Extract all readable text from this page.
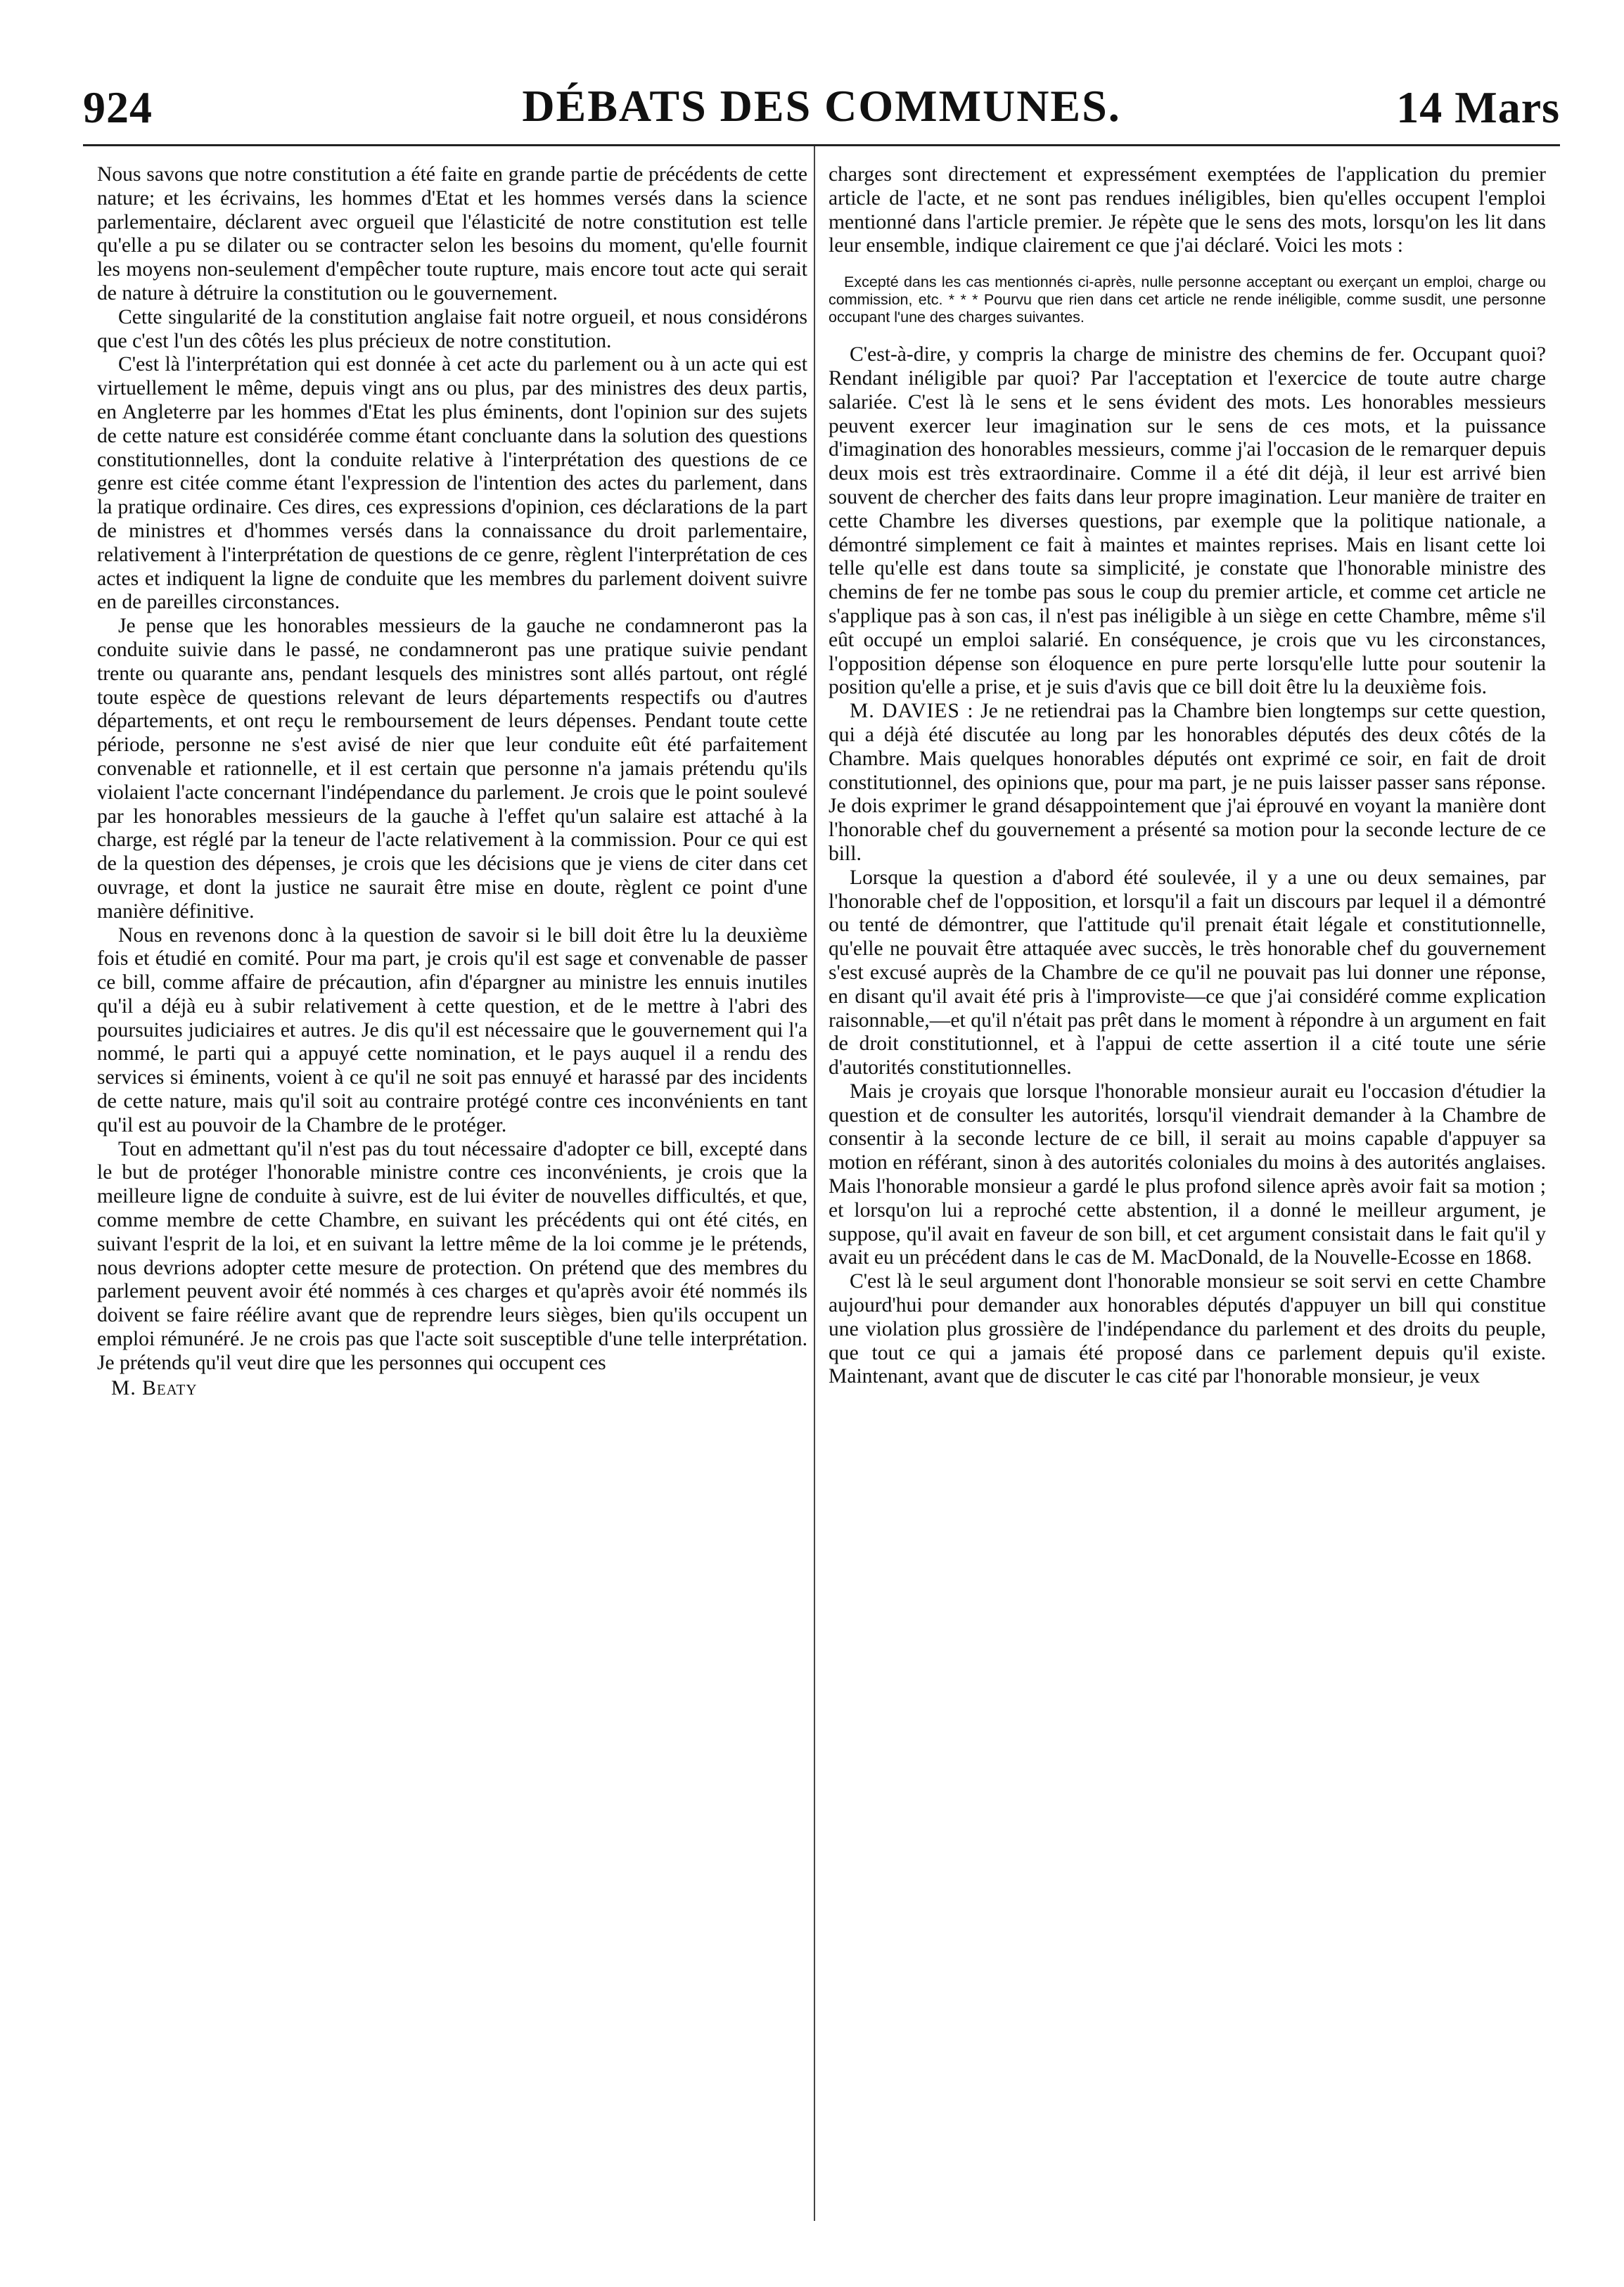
924	DÉBATS DES COMMUNES.	14 Mars

Nous savons que notre constitution a été faite en grande partie de précédents de cette nature; et les écrivains, les hommes d'Etat et les hommes versés dans la science parlementaire, déclarent avec orgueil que l'élasticité de notre constitution est telle qu'elle a pu se dilater ou se contracter selon les besoins du moment, qu'elle fournit les moyens non-seulement d'empêcher toute rupture, mais encore tout acte qui serait de nature à détruire la constitution ou le gouvernement.

Cette singularité de la constitution anglaise fait notre orgueil, et nous considérons que c'est l'un des côtés les plus précieux de notre constitution.

C'est là l'interprétation qui est donnée à cet acte du parlement ou à un acte qui est virtuellement le même, depuis vingt ans ou plus, par des ministres des deux partis, en Angleterre par les hommes d'Etat les plus éminents, dont l'opinion sur des sujets de cette nature est considérée comme étant concluante dans la solution des questions constitutionnelles, dont la conduite relative à l'interprétation des questions de ce genre est citée comme étant l'expression de l'intention des actes du parlement, dans la pratique ordinaire. Ces dires, ces expressions d'opinion, ces déclarations de la part de ministres et d'hommes versés dans la connaissance du droit parlementaire, relativement à l'interprétation de questions de ce genre, règlent l'interprétation de ces actes et indiquent la ligne de conduite que les membres du parlement doivent suivre en de pareilles circonstances.

Je pense que les honorables messieurs de la gauche ne condamneront pas la conduite suivie dans le passé, ne condamneront pas une pratique suivie pendant trente ou quarante ans, pendant lesquels des ministres sont allés partout, ont réglé toute espèce de questions relevant de leurs départements respectifs ou d'autres départements, et ont reçu le remboursement de leurs dépenses. Pendant toute cette période, personne ne s'est avisé de nier que leur conduite eût été parfaitement convenable et rationnelle, et il est certain que personne n'a jamais prétendu qu'ils violaient l'acte concernant l'indépendance du parlement. Je crois que le point soulevé par les honorables messieurs de la gauche à l'effet qu'un salaire est attaché à la charge, est réglé par la teneur de l'acte relativement à la commission. Pour ce qui est de la question des dépenses, je crois que les décisions que je viens de citer dans cet ouvrage, et dont la justice ne saurait être mise en doute, règlent ce point d'une manière définitive.

Nous en revenons donc à la question de savoir si le bill doit être lu la deuxième fois et étudié en comité. Pour ma part, je crois qu'il est sage et convenable de passer ce bill, comme affaire de précaution, afin d'épargner au ministre les ennuis inutiles qu'il a déjà eu à subir relativement à cette question, et de le mettre à l'abri des poursuites judiciaires et autres. Je dis qu'il est nécessaire que le gouvernement qui l'a nommé, le parti qui a appuyé cette nomination, et le pays auquel il a rendu des services si éminents, voient à ce qu'il ne soit pas ennuyé et harassé par des incidents de cette nature, mais qu'il soit au contraire protégé contre ces inconvénients en tant qu'il est au pouvoir de la Chambre de le protéger.

Tout en admettant qu'il n'est pas du tout nécessaire d'adopter ce bill, excepté dans le but de protéger l'honorable ministre contre ces inconvénients, je crois que la meilleure ligne de conduite à suivre, est de lui éviter de nouvelles difficultés, et que, comme membre de cette Chambre, en suivant les précédents qui ont été cités, en suivant l'esprit de la loi, et en suivant la lettre même de la loi comme je le prétends, nous devrions adopter cette mesure de protection. On prétend que des membres du parlement peuvent avoir été nommés à ces charges et qu'après avoir été nommés ils doivent se faire réélire avant que de reprendre leurs sièges, bien qu'ils occupent un emploi rémunéré. Je ne crois pas que l'acte soit susceptible d'une telle interprétation. Je prétends qu'il veut dire que les personnes qui occupent ces

M. Beaty

charges sont directement et expressément exemptées de l'application du premier article de l'acte, et ne sont pas rendues inéligibles, bien qu'elles occupent l'emploi mentionné dans l'article premier. Je répète que le sens des mots, lorsqu'on les lit dans leur ensemble, indique clairement ce que j'ai déclaré. Voici les mots :

Excepté dans les cas mentionnés ci-après, nulle personne acceptant ou exerçant un emploi, charge ou commission, etc. * * * Pourvu que rien dans cet article ne rende inéligible, comme susdit, une personne occupant l'une des charges suivantes.

C'est-à-dire, y compris la charge de ministre des chemins de fer. Occupant quoi? Rendant inéligible par quoi? Par l'acceptation et l'exercice de toute autre charge salariée. C'est là le sens et le sens évident des mots. Les honorables messieurs peuvent exercer leur imagination sur le sens de ces mots, et la puissance d'imagination des honorables messieurs, comme j'ai l'occasion de le remarquer depuis deux mois est très extraordinaire. Comme il a été dit déjà, il leur est arrivé bien souvent de chercher des faits dans leur propre imagination. Leur manière de traiter en cette Chambre les diverses questions, par exemple que la politique nationale, a démontré simplement ce fait à maintes et maintes reprises. Mais en lisant cette loi telle qu'elle est dans toute sa simplicité, je constate que l'honorable ministre des chemins de fer ne tombe pas sous le coup du premier article, et comme cet article ne s'applique pas à son cas, il n'est pas inéligible à un siège en cette Chambre, même s'il eût occupé un emploi salarié. En conséquence, je crois que vu les circonstances, l'opposition dépense son éloquence en pure perte lorsqu'elle lutte pour soutenir la position qu'elle a prise, et je suis d'avis que ce bill doit être lu la deuxième fois.

M. DAVIES : Je ne retiendrai pas la Chambre bien longtemps sur cette question, qui a déjà été discutée au long par les honorables députés des deux côtés de la Chambre. Mais quelques honorables députés ont exprimé ce soir, en fait de droit constitutionnel, des opinions que, pour ma part, je ne puis laisser passer sans réponse. Je dois exprimer le grand désappointement que j'ai éprouvé en voyant la manière dont l'honorable chef du gouvernement a présenté sa motion pour la seconde lecture de ce bill.

Lorsque la question a d'abord été soulevée, il y a une ou deux semaines, par l'honorable chef de l'opposition, et lorsqu'il a fait un discours par lequel il a démontré ou tenté de démontrer, que l'attitude qu'il prenait était légale et constitutionnelle, qu'elle ne pouvait être attaquée avec succès, le très honorable chef du gouvernement s'est excusé auprès de la Chambre de ce qu'il ne pouvait pas lui donner une réponse, en disant qu'il avait été pris à l'improviste—ce que j'ai considéré comme explication raisonnable,—et qu'il n'était pas prêt dans le moment à répondre à un argument en fait de droit constitutionnel, et à l'appui de cette assertion il a cité toute une série d'autorités constitutionnelles.

Mais je croyais que lorsque l'honorable monsieur aurait eu l'occasion d'étudier la question et de consulter les autorités, lorsqu'il viendrait demander à la Chambre de consentir à la seconde lecture de ce bill, il serait au moins capable d'appuyer sa motion en référant, sinon à des autorités coloniales du moins à des autorités anglaises. Mais l'honorable monsieur a gardé le plus profond silence après avoir fait sa motion ; et lorsqu'on lui a reproché cette abstention, il a donné le meilleur argument, je suppose, qu'il avait en faveur de son bill, et cet argument consistait dans le fait qu'il y avait eu un précédent dans le cas de M. MacDonald, de la Nouvelle-Ecosse en 1868.

C'est là le seul argument dont l'honorable monsieur se soit servi en cette Chambre aujourd'hui pour demander aux honorables députés d'appuyer un bill qui constitue une violation plus grossière de l'indépendance du parlement et des droits du peuple, que tout ce qui a jamais été proposé dans ce parlement depuis qu'il existe. Maintenant, avant que de discuter le cas cité par l'honorable monsieur, je veux
